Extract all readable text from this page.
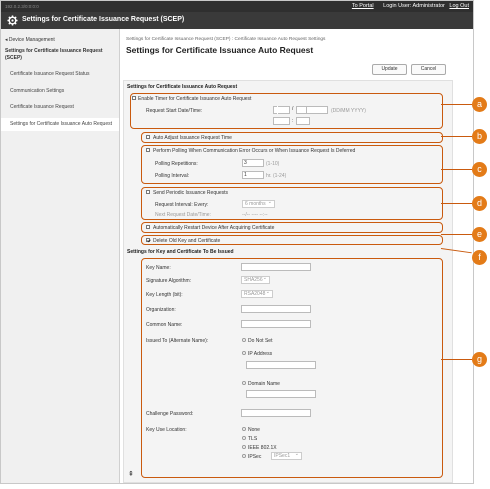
192.0.2.3/0:0:0:0	To Portal Login User: Administrator Log Out
Settings for Certificate Issuance Request (SCEP)
◂ Device Management
Settings for Certificate Issuance Request (SCEP)
Certificate Issuance Request Status
Communication Settings
Certificate Issuance Request
Settings for Certificate Issuance Auto Request
Settings for Certificate Issuance Request (SCEP) : Certificate Issuance Auto Request Settings
Settings for Certificate Issuance Auto Request
Update	Cancel
Settings for Certificate Issuance Auto Request
Enable Timer for Certificate Issuance Auto Request
Request Start Date/Time:	/	(DD/MM YYYY)
:
Auto Adjust Issuance Request Time
Perform Polling When Communication Error Occurs or When Issuance Request Is Deferred
Polling Repetitions:	3	(1-10)
Polling Interval:	1	hr. (1-24)
Send Periodic Issuance Requests
Request Interval: Every:	6 months ⌄
Next Request Date/Time:	--/-- ---- --:--
Automatically Restart Device After Acquiring Certificate
Delete Old Key and Certificate
Settings for Key and Certificate To Be Issued
Key Name:
Signature Algorithm:	SHA256 ⌄
Key Length (bit):	RSA2048 ⌄
Organization:
Common Name:
Issued To (Alternate Name):	Do Not Set
IP Address
Domain Name
Challenge Password:
Key Use Location:	None
TLS
IEEE 802.1X
IPSec	IPSec1 ⌄
⇞
a
b
c
d
e
f
g
